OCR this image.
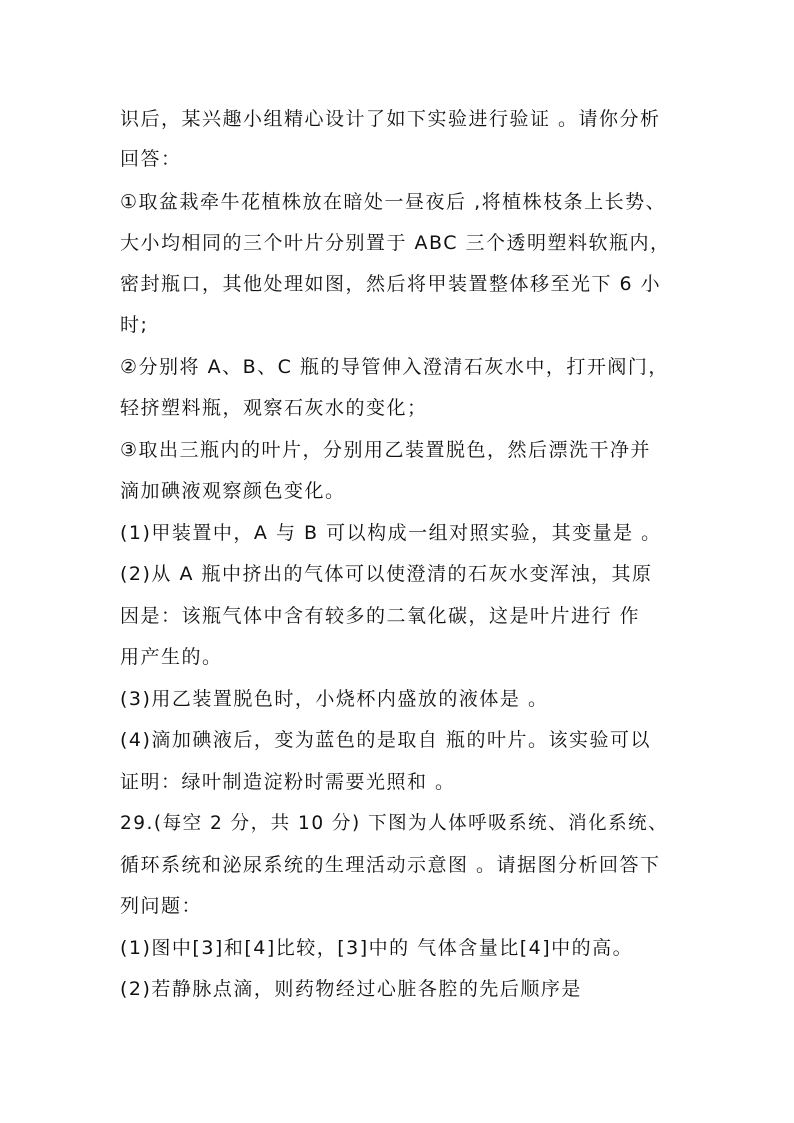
识后，某兴趣小组精心设计了如下实验进行验证 。请你分析
回答：
①取盆栽牵牛花植株放在暗处一昼夜后 ,将植株枝条上长势、
大小均相同的三个叶片分别置于 ABC 三个透明塑料软瓶内，
密封瓶口，其他处理如图，然后将甲装置整体移至光下 6 小
时;
②分别将 A、B、C 瓶的导管伸入澄清石灰水中，打开阀门，
轻挤塑料瓶，观察石灰水的变化；
③取出三瓶内的叶片，分别用乙装置脱色，然后漂洗干净并
滴加碘液观察颜色变化。
(1)甲装置中，A 与 B 可以构成一组对照实验，其变量是 。
(2)从 A 瓶中挤出的气体可以使澄清的石灰水变浑浊，其原
因是：该瓶气体中含有较多的二氧化碳，这是叶片进行 作
用产生的。
(3)用乙装置脱色时，小烧杯内盛放的液体是 。
(4)滴加碘液后，变为蓝色的是取自 瓶的叶片。该实验可以
证明：绿叶制造淀粉时需要光照和 。
29.(每空 2 分，共 10 分) 下图为人体呼吸系统、消化系统、
循环系统和泌尿系统的生理活动示意图 。请据图分析回答下
列问题：
(1)图中[3]和[4]比较，[3]中的 气体含量比[4]中的高。
(2)若静脉点滴，则药物经过心脏各腔的先后顺序是
